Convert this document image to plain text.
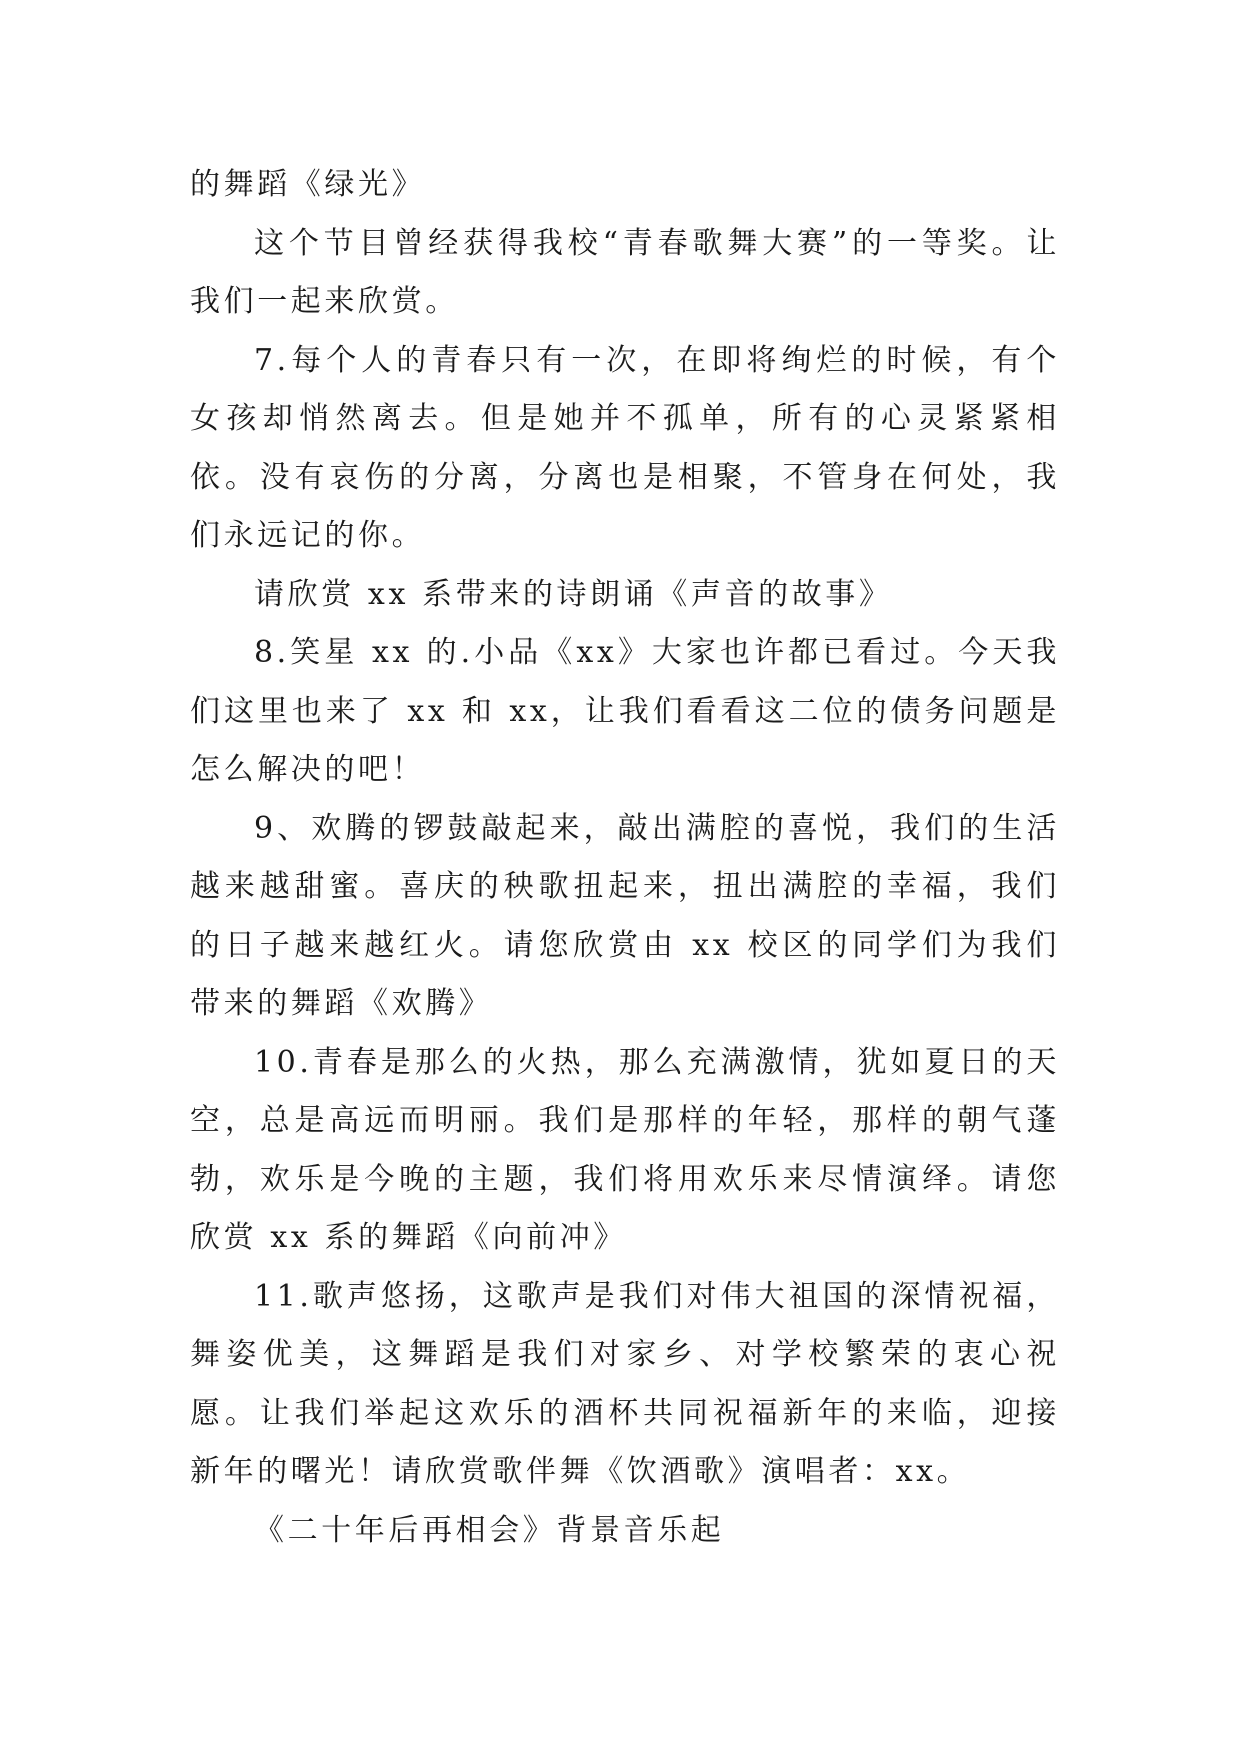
的舞蹈《绿光》

这个节目曾经获得我校“青春歌舞大赛”的一等奖。让我们一起来欣赏。

7.每个人的青春只有一次，在即将绚烂的时候，有个女孩却悄然离去。但是她并不孤单，所有的心灵紧紧相依。没有哀伤的分离，分离也是相聚，不管身在何处，我们永远记的你。

请欣赏 xx 系带来的诗朗诵《声音的故事》

8.笑星 xx 的.小品《xx》大家也许都已看过。今天我们这里也来了 xx 和 xx，让我们看看这二位的债务问题是怎么解决的吧！

9、欢腾的锣鼓敲起来，敲出满腔的喜悦，我们的生活越来越甜蜜。喜庆的秧歌扭起来，扭出满腔的幸福，我们的日子越来越红火。请您欣赏由 xx 校区的同学们为我们带来的舞蹈《欢腾》

10.青春是那么的火热，那么充满激情，犹如夏日的天空，总是高远而明丽。我们是那样的年轻，那样的朝气蓬勃，欢乐是今晚的主题，我们将用欢乐来尽情演绎。请您欣赏 xx 系的舞蹈《向前冲》

11.歌声悠扬，这歌声是我们对伟大祖国的深情祝福，舞姿优美，这舞蹈是我们对家乡、对学校繁荣的衷心祝愿。让我们举起这欢乐的酒杯共同祝福新年的来临，迎接新年的曙光！请欣赏歌伴舞《饮酒歌》演唱者：xx。

《二十年后再相会》背景音乐起
